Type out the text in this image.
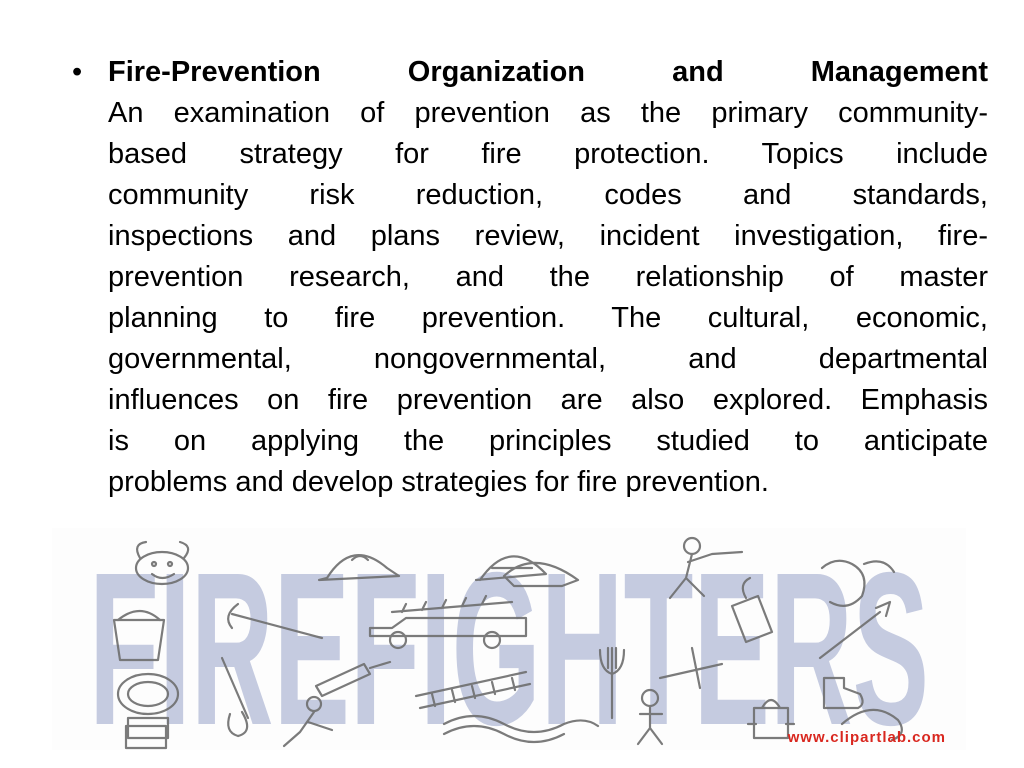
• Fire-Prevention Organization and Management
An examination of prevention as the primary community-
based strategy for fire protection. Topics include
community risk reduction, codes and standards,
inspections and plans review, incident investigation, fire-
prevention research, and the relationship of master
planning to fire prevention. The cultural, economic,
governmental, nongovernmental, and departmental
influences on fire prevention are also explored. Emphasis
is on applying the principles studied to anticipate
problems and develop strategies for fire prevention.
FIREFIGHTERS
www.clipartlab.com
